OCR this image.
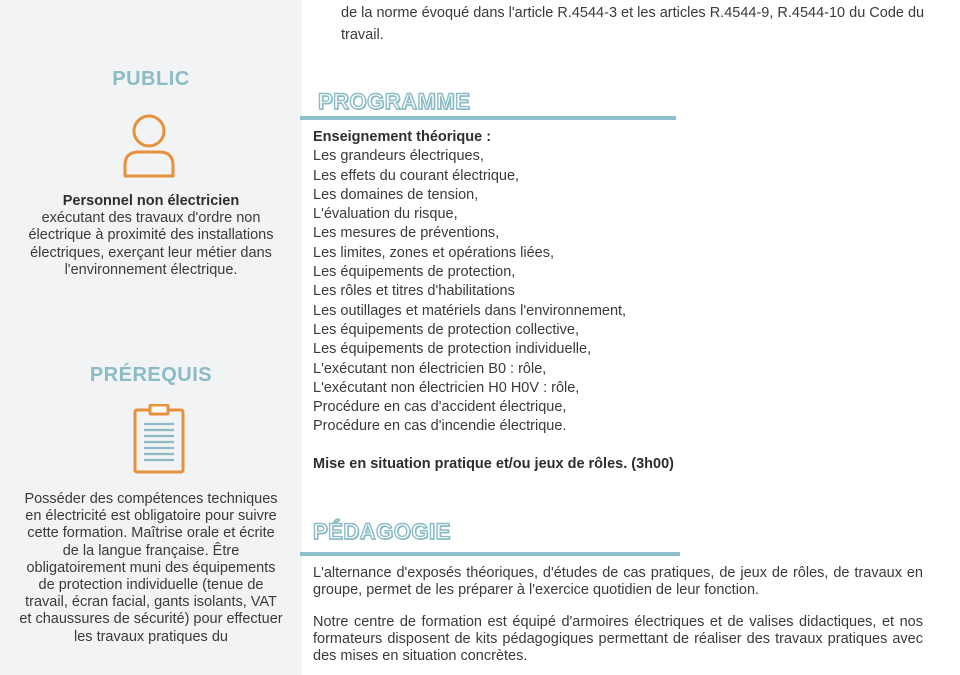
PUBLIC
Personnel non électricien
exécutant des travaux d'ordre non électrique à proximité des installations électriques, exerçant leur métier dans l'environnement électrique.
PRÉREQUIS
Posséder des compétences techniques en électricité est obligatoire pour suivre cette formation. Maîtrise orale et écrite de la langue française. Être obligatoirement muni des équipements de protection individuelle (tenue de travail, écran facial, gants isolants, VAT et chaussures de sécurité) pour effectuer les travaux pratiques du
de la norme évoqué dans l'article R.4544-3 et les articles R.4544-9, R.4544-10 du Code du travail.
PROGRAMME
Enseignement théorique :
Les grandeurs électriques,
Les effets du courant électrique,
Les domaines de tension,
L'évaluation du risque,
Les mesures de préventions,
Les limites, zones et opérations liées,
Les équipements de protection,
Les rôles et titres d'habilitations
Les outillages et matériels dans l'environnement,
Les équipements de protection collective,
Les équipements de protection individuelle,
L'exécutant non électricien B0 : rôle,
L'exécutant non électricien H0 H0V : rôle,
Procédure en cas d'accident électrique,
Procédure en cas d'incendie électrique.
Mise en situation pratique et/ou jeux de rôles. (3h00)
PÉDAGOGIE
L'alternance d'exposés théoriques, d'études de cas pratiques, de jeux de rôles, de travaux en groupe, permet de les préparer à l'exercice quotidien de leur fonction.
Notre centre de formation est équipé d'armoires électriques et de valises didactiques, et nos formateurs disposent de kits pédagogiques permettant de réaliser des travaux pratiques avec des mises en situation concrètes.
